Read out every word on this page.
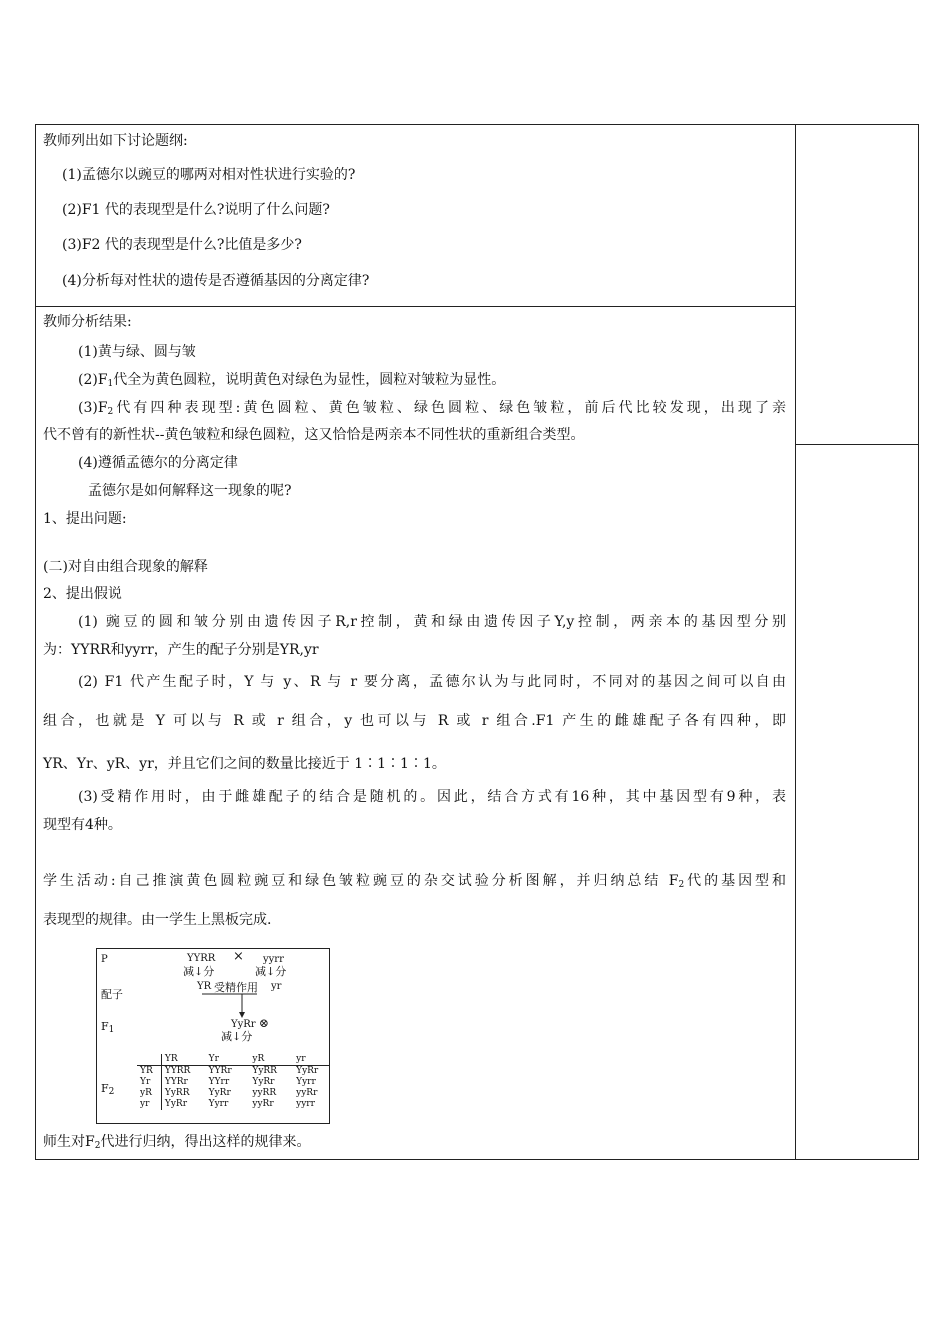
教师列出如下讨论题纲:
(1)孟德尔以豌豆的哪两对相对性状进行实验的?
(2)F1 代的表现型是什么?说明了什么问题?
(3)F2 代的表现型是什么?比值是多少?
(4)分析每对性状的遗传是否遵循基因的分离定律?
教师分析结果:
(1)黄与绿、圆与皱
$(2)F_1$代全为黄色圆粒，说明黄色对绿色为显性，圆粒对皱粒为显性。
$(3)F_2$代有四种表现型:黄色圆粒、黄色皱粒、绿色圆粒、绿色皱粒，前后代比较发现，出现了亲
代不曾有的新性状--黄色皱粒和绿色圆粒，这又恰恰是两亲本不同性状的重新组合类型。
(4)遵循孟德尔的分离定律
孟德尔是如何解释这一现象的呢?
1、提出问题:
(二)对自由组合现象的解释
2、提出假说
(1) 豌豆的圆和皱分别由遗传因子R,r控制，黄和绿由遗传因子Y,y控制，两亲本的基因型分别
为：YYRR和yyrr，产生的配子分别是YR,yr
(2) F1 代产生配子时，Y 与 y、R 与 r 要分离，孟德尔认为与此同时，不同对的基因之间可以自由
组合，也就是 Y 可以与 R 或 r 组合，y 也可以与 R 或 r 组合.F1 产生的雌雄配子各有四种，即
YR、Yr、yR、yr，并且它们之间的数量比接近于 1∶1∶1∶1。
(3)受精作用时，由于雌雄配子的结合是随机的。因此，结合方式有16种，其中基因型有9种，表
现型有4种。
学生活动:自己推演黄色圆粒豌豆和绿色皱粒豌豆的杂交试验分析图解，并归纳总结 $F_2$代的基因型和
表现型的规律。由一学生上黑板完成.
P	YYRR × yyrr
减↓分	减↓分
配子
YR 受精作用 yr
$F_1$	YyRr ⊗
减↓分
$F_2$
	YR	Yr	yR	yr
YR	YYRR	YYRr	YyRR	YyRr
Yr	YYRr	YYrr	YyRr	Yyrr
yR	YyRR	YyRr	yyRR	yyRr
yr	YyRr	Yyrr	yyRr	yyrr
师生对$F_2$代进行归纳，得出这样的规律来。
